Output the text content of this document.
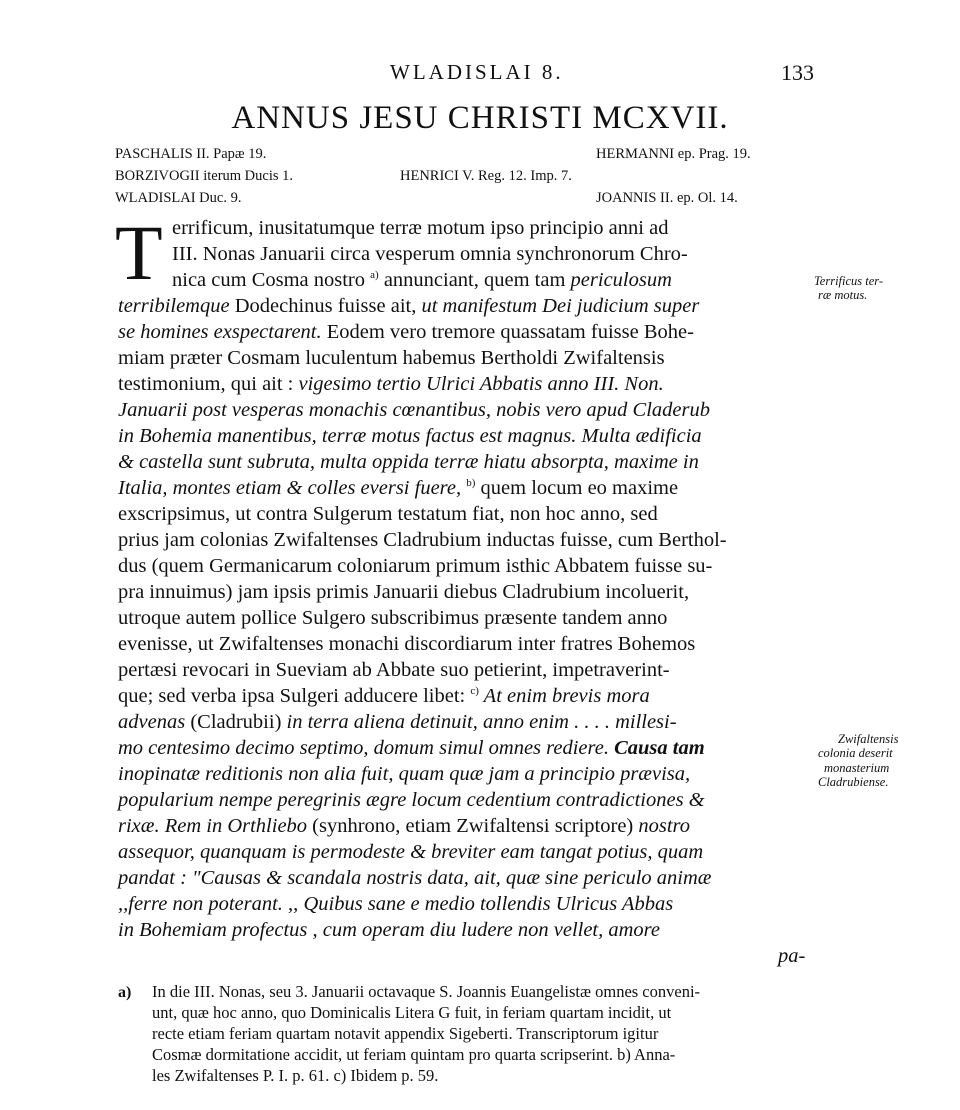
WLADISLAI 8.	133
ANNUS JESU CHRISTI MCXVII.
PASCHALIS II. Papæ 19.
BORZIVOGII iterum Ducis 1.
WLADISLAI Duc. 9.
HENRICI V. Reg. 12. Imp. 7.
HERMANNI ep. Prag. 19.
JOANNIS II. ep. Ol. 14.
T errificum, inusitatumque terræ motum ipso principio anni ad
III. Nonas Januarii circa vesperum omnia synchronorum Chro-
nica cum Cosma nostro $^{a)}$ annunciant, quem tam periculosum
terribilemque Dodechinus fuisse ait, ut manifestum Dei judicium super
se homines exspectarent. Eodem vero tremore quassatam fuisse Bohe-
miam præter Cosmam luculentum habemus Bertholdi Zwifaltensis
testimonium, qui ait : vigesimo tertio Ulrici Abbatis anno III. Non.
Januarii post vesperas monachis cœnantibus, nobis vero apud Claderub
in Bohemia manentibus, terræ motus factus est magnus. Multa ædificia
& castella sunt subruta, multa oppida terræ hiatu absorpta, maxime in
Italia, montes etiam & colles eversi fuere, $^{b)}$ quem locum eo maxime
exscripsimus, ut contra Sulgerum testatum fiat, non hoc anno, sed
prius jam colonias Zwifaltenses Cladrubium inductas fuisse, cum Berthol-
dus (quem Germanicarum coloniarum primum isthic Abbatem fuisse su-
pra innuimus) jam ipsis primis Januarii diebus Cladrubium incoluerit,
utroque autem pollice Sulgero subscribimus præsente tandem anno
evenisse, ut Zwifaltenses monachi discordiarum inter fratres Bohemos
pertæsi revocari in Sueviam ab Abbate suo petierint, impetraverint-
que; sed verba ipsa Sulgeri adducere libet: $^{c)}$ At enim brevis mora
advenas (Cladrubii) in terra aliena detinuit, anno enim . . . . millesi-
mo centesimo decimo septimo, domum simul omnes rediere. Causa tam
inopinatæ reditionis non alia fuit, quam quæ jam a principio prævisa,
popularium nempe peregrinis ægre locum cedentium contradictiones &
rixæ. Rem in Orthliebo (synhrono, etiam Zwifaltensi scriptore) nostro
assequor, quanquam is permodeste & breviter eam tangat potius, quam
pandat : "Causas & scandala nostris data, ait, quæ sine periculo animæ
,,ferre non poterant. ,, Quibus sane e medio tollendis Ulricus Abbas
in Bohemiam profectus , cum operam diu ludere non vellet, amore
pa-
Terrificus ter-
ræ motus.
Zwifaltensis
colonia deserit
monasterium
Cladrubiense.
a) In die III. Nonas, seu 3. Januarii octavaque S. Joannis Euangelistæ omnes conveni-
unt, quæ hoc anno, quo Dominicalis Litera G fuit, in feriam quartam incidit, ut
recte etiam feriam quartam notavit appendix Sigeberti. Transcriptorum igitur
Cosmæ dormitatione accidit, ut feriam quintam pro quarta scripserint. b) Anna-
les Zwifaltenses P. I. p. 61. c) Ibidem p. 59.
